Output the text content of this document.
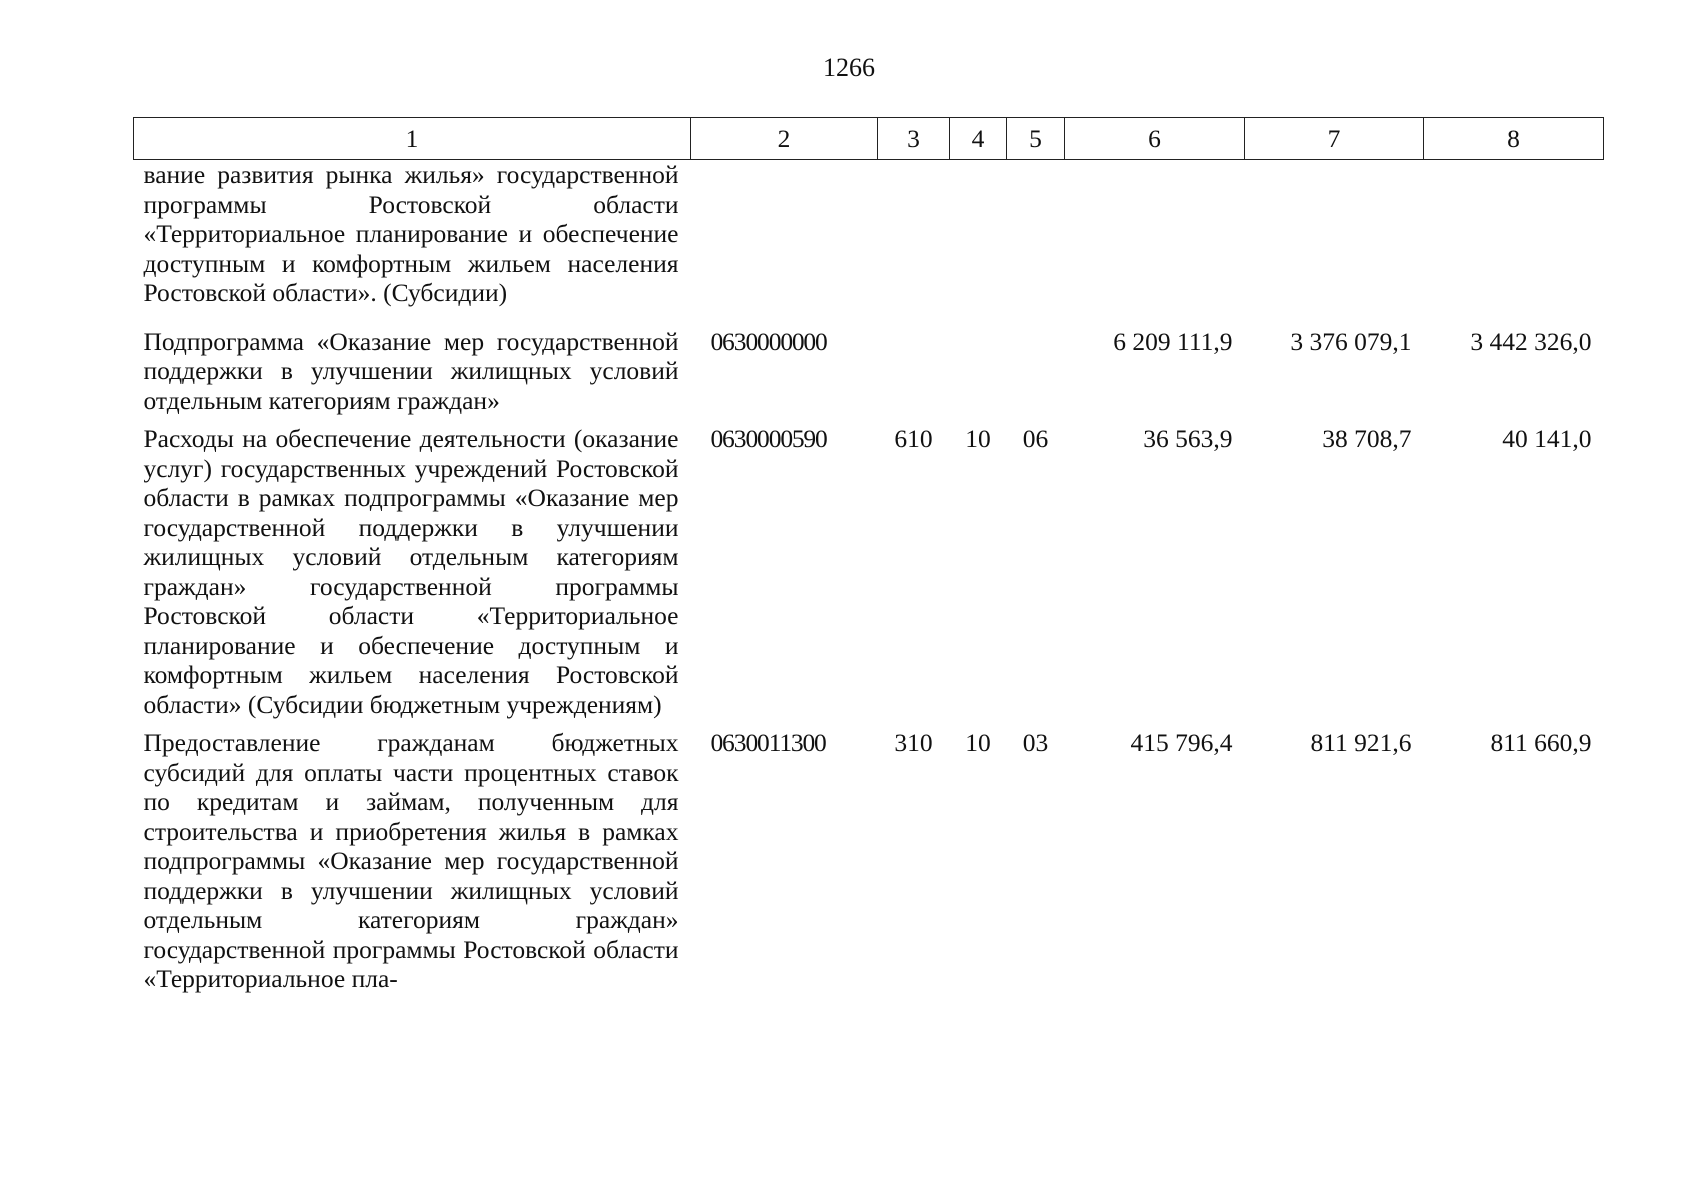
1266
1	2	3	4	5	6	7	8
вание развития рынка жилья» государственной программы Ростовской области «Территориальное планирование и обеспечение доступным и комфортным жильем населения Ростовской области». (Субсидии)							
Подпрограмма «Оказание мер государственной поддержки в улучшении жилищных условий отдельным категориям граждан»	06 3 00 00000				6 209 111,9	3 376 079,1	3 442 326,0
Расходы на обеспечение деятельности (оказание услуг) государственных учреждений Ростовской области в рамках подпрограммы «Оказание мер государственной поддержки в улучшении жилищных условий отдельным категориям граждан» государственной программы Ростовской области «Территориальное планирование и обеспечение доступным и комфортным жильем населения Ростовской области» (Субсидии бюджетным учреждениям)	06 3 00 00590	610	10	06	36 563,9	38 708,7	40 141,0
Предоставление гражданам бюджетных субсидий для оплаты части процентных ставок по кредитам и займам, полученным для строительства и приобретения жилья в рамках подпрограммы «Оказание мер государственной поддержки в улучшении жилищных условий отдельным категориям граждан» государственной программы Ростовской области «Территориальное пла-	06 3 00 11300	310	10	03	415 796,4	811 921,6	811 660,9
